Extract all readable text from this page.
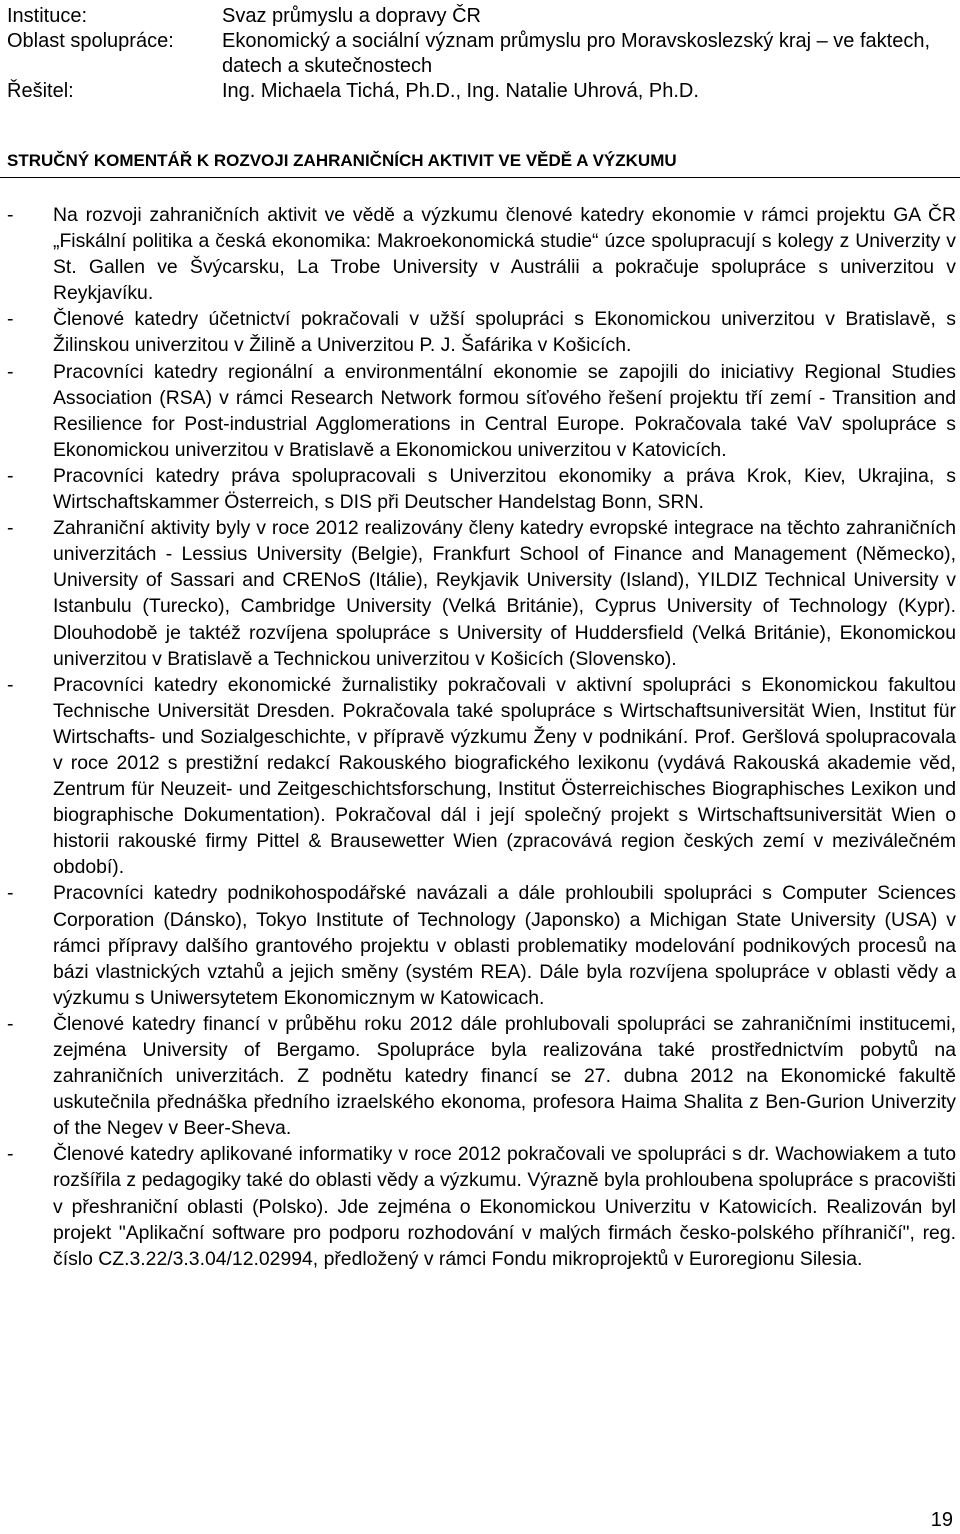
Instituce:	Svaz průmyslu a dopravy ČR
Oblast spolupráce:	Ekonomický a sociální význam průmyslu pro Moravskoslezský kraj – ve faktech, datech a skutečnostech
Řešitel:	Ing. Michaela Tichá, Ph.D., Ing. Natalie Uhrová, Ph.D.
STRUČNÝ KOMENTÁŘ K ROZVOJI ZAHRANIČNÍCH AKTIVIT VE VĚDĚ A VÝZKUMU
-	Na rozvoji zahraničních aktivit ve vědě a výzkumu členové katedry ekonomie v rámci projektu GA ČR „Fiskální politika a česká ekonomika: Makroekonomická studie“ úzce spolupracují s kolegy z Univerzity v St. Gallen ve Švýcarsku, La Trobe University v Austrálii a pokračuje spolupráce s univerzitou v Reykjavíku.
-	Členové katedry účetnictví pokračovali v užší spolupráci s Ekonomickou univerzitou v Bratislavě, s Žilinskou univerzitou v Žilině a Univerzitou P. J. Šafárika v Košicích.
-	Pracovníci katedry regionální a environmentální ekonomie se zapojili do iniciativy Regional Studies Association (RSA) v rámci Research Network formou síťového řešení projektu tří zemí - Transition and Resilience for Post-industrial Agglomerations in Central Europe. Pokračovala také VaV spolupráce s Ekonomickou univerzitou v Bratislavě a Ekonomickou univerzitou v Katovicích.
-	Pracovníci katedry práva spolupracovali s Univerzitou ekonomiky a práva Krok, Kiev, Ukrajina, s Wirtschaftskammer Österreich, s DIS při Deutscher Handelstag Bonn, SRN.
-	Zahraniční aktivity byly v roce 2012 realizovány členy katedry evropské integrace na těchto zahraničních univerzitách - Lessius University (Belgie), Frankfurt School of Finance and Management (Německo), University of Sassari and CRENoS (Itálie), Reykjavik University (Island), YILDIZ Technical University v Istanbulu (Turecko), Cambridge University (Velká Británie), Cyprus University of Technology (Kypr). Dlouhodobě je taktéž rozvíjena spolupráce s University of Huddersfield (Velká Británie), Ekonomickou univerzitou v Bratislavě a Technickou univerzitou v Košicích (Slovensko).
-	Pracovníci katedry ekonomické žurnalistiky pokračovali v aktivní spolupráci s Ekonomickou fakultou Technische Universität Dresden. Pokračovala také spolupráce s Wirtschaftsuniversität Wien, Institut für Wirtschafts- und Sozialgeschichte, v přípravě výzkumu Ženy v podnikání. Prof. Geršlová spolupracovala v roce 2012 s prestižní redakcí Rakouského biografického lexikonu (vydává Rakouská akademie věd, Zentrum für Neuzeit- und Zeitgeschichtsforschung, Institut Österreichisches Biographisches Lexikon und biographische Dokumentation). Pokračoval dál i její společný projekt s Wirtschaftsuniversität Wien o historii rakouské firmy Pittel & Brausewetter Wien (zpracovává region českých zemí v meziválečném období).
-	Pracovníci katedry podnikohospodářské navázali a dále prohloubili spolupráci s Computer Sciences Corporation (Dánsko), Tokyo Institute of Technology (Japonsko) a Michigan State University (USA) v rámci přípravy dalšího grantového projektu v oblasti problematiky modelování podnikových procesů na bázi vlastnických vztahů a jejich směny (systém REA). Dále byla rozvíjena spolupráce v oblasti vědy a výzkumu s Uniwersytetem Ekonomicznym w Katowicach.
-	Členové katedry financí v průběhu roku 2012 dále prohlubovali spolupráci se zahraničními institucemi, zejména University of Bergamo. Spolupráce byla realizována také prostřednictvím pobytů na zahraničních univerzitách. Z podnětu katedry financí se 27. dubna 2012 na Ekonomické fakultě uskutečnila přednáška předního izraelského ekonoma, profesora Haima Shalita z Ben-Gurion Univerzity of the Negev v Beer-Sheva.
-	Členové katedry aplikované informatiky v roce 2012 pokračovali ve spolupráci s dr. Wachowiakem a tuto rozšířila z pedagogiky také do oblasti vědy a výzkumu. Výrazně byla prohloubena spolupráce s pracovišti v přeshraniční oblasti (Polsko). Jde zejména o Ekonomickou Univerzitu v Katowicích. Realizován byl projekt "Aplikační software pro podporu rozhodování v malých firmách česko-polského příhraničí", reg. číslo CZ.3.22/3.3.04/12.02994, předložený v rámci Fondu mikroprojektů v Euroregionu Silesia.
19
